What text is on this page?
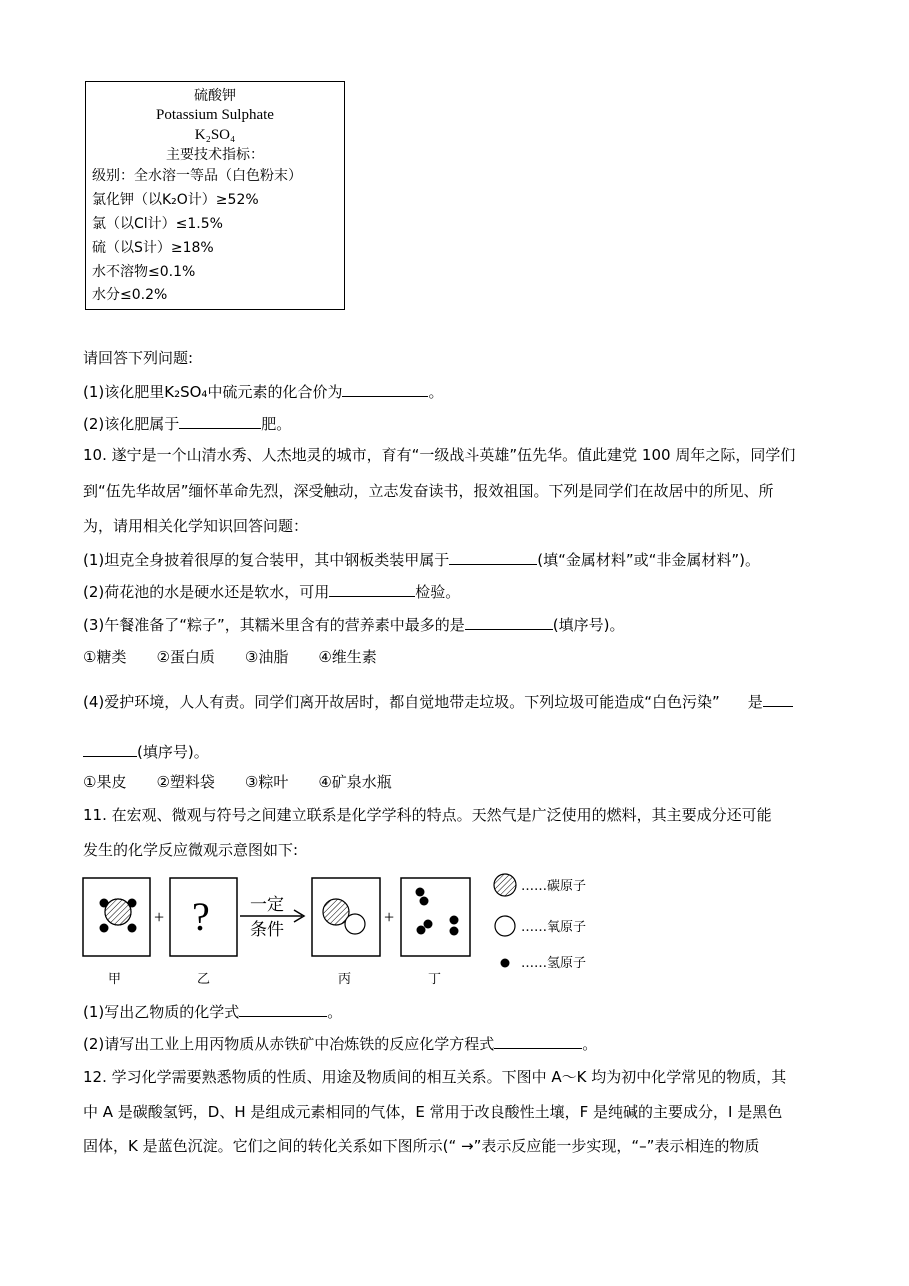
硫酸钾
Potassium Sulphate
K₂SO₄
主要技术指标：
级别：全水溶一等品（白色粉末）
氯化钾（以K₂O计）≥52%
氯（以Cl计）≤1.5%
硫（以S计）≥18%
水不溶物≤0.1%
水分≤0.2%
请回答下列问题:
(1)该化肥里K₂SO₄中硫元素的化合价为	。
(2)该化肥属于	肥。
10. 遂宁是一个山清水秀、人杰地灵的城市，育有“一级战斗英雄”伍先华。值此建党 100 周年之际，同学们
到“伍先华故居”缅怀革命先烈，深受触动，立志发奋读书，报效祖国。下列是同学们在故居中的所见、所
为，请用相关化学知识回答问题：
(1)坦克全身披着很厚的复合装甲，其中钢板类装甲属于	(填“金属材料”或“非金属材料”)。
(2)荷花池的水是硬水还是软水，可用	检验。
(3)午餐准备了“粽子”，其糯米里含有的营养素中最多的是	(填序号)。
①糖类 ②蛋白质 ③油脂 ④维生素
(4)爱护环境，人人有责。同学们离开故居时，都自觉地带走垃圾。下列垃圾可能造成“白色污染” 是
(填序号)。
①果皮 ②塑料袋 ③粽叶 ④矿泉水瓶
11. 在宏观、微观与符号之间建立联系是化学学科的特点。天然气是广泛使用的燃料，其主要成分还可能
发生的化学反应微观示意图如下:
+ ? 一定
条件
+
……碳原子
……氧原子
……氢原子
甲	乙	丙	丁
(1)写出乙物质的化学式	。
(2)请写出工业上用丙物质从赤铁矿中冶炼铁的反应化学方程式	。
12. 学习化学需要熟悉物质的性质、用途及物质间的相互关系。下图中 A～K 均为初中化学常见的物质，其
中 A 是碳酸氢钙，D、H 是组成元素相同的气体，E 常用于改良酸性土壤，F 是纯碱的主要成分，I 是黑色
固体，K 是蓝色沉淀。它们之间的转化关系如下图所示(“ →”表示反应能一步实现，“–”表示相连的物质
